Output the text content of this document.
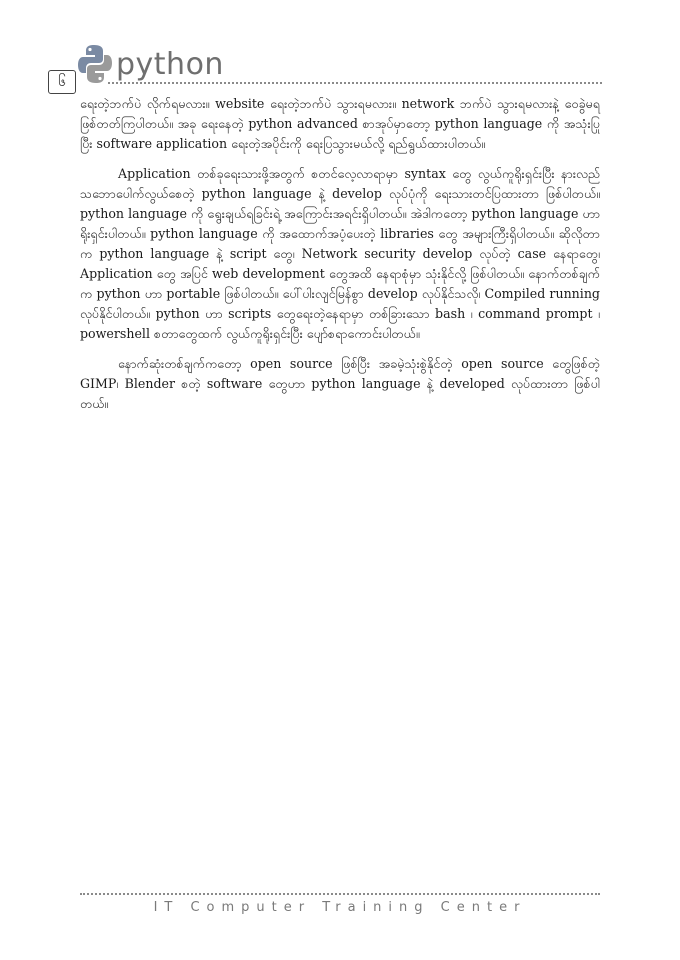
၆	python

ရေးတဲ့ဘက်ပဲ လိုက်ရမလား။ website ရေးတဲ့ဘက်ပဲ သွားရမလား။ network ဘက်ပဲ သွားရမလားနဲ့ ဝေခွဲမရ ဖြစ်တတ်ကြပါတယ်။ အခု ရေးနေတဲ့ python advanced စာအုပ်မှာတော့ python language ကို အသုံးပြုပြီး software application ရေးတဲ့အပိုင်းကို ရေးပြသွားမယ်လို့ ရည်ရွယ်ထားပါတယ်။

Application တစ်ခုရေးသားဖို့အတွက် စတင်လေ့လာရာမှာ syntax တွေ လွယ်ကူရိုးရှင်းပြီး နားလည် သဘောပေါက်လွယ်စေတဲ့ python language နဲ့ develop လုပ်ပုံကို ရေးသားတင်ပြထားတာ ဖြစ်ပါတယ်။ python language ကို ရွေးချယ်ရခြင်းရဲ့ အကြောင်းအရင်းရှိပါတယ်။ အဲဒါကတော့ python language ဟာ ရိုးရှင်းပါတယ်။ python language ကို အထောက်အပံ့ပေးတဲ့ libraries တွေ အများကြီးရှိပါတယ်။ ဆိုလိုတာက python language နဲ့ script တွေ၊ Network security develop လုပ်တဲ့ case နေရာတွေ၊ Application တွေ အပြင် web development တွေအထိ နေရာစုံမှာ သုံးနိုင်လို့ ဖြစ်ပါတယ်။ နောက်တစ်ချက်က python ဟာ portable ဖြစ်ပါတယ်။ ပေါ်ပါးလျင်မြန်စွာ develop လုပ်နိုင်သလို၊ Compiled running လုပ်နိုင်ပါတယ်။ python ဟာ scripts တွေရေးတဲ့နေရာမှာ တစ်ခြားသော bash ၊ command prompt ၊ powershell စတာတွေထက် လွယ်ကူရိုးရှင်းပြီး ပျော်စရာကောင်းပါတယ်။

နောက်ဆုံးတစ်ချက်ကတော့ open source ဖြစ်ပြီး အခမဲ့သုံးစွဲနိုင်တဲ့ open source တွေဖြစ်တဲ့ GIMP၊ Blender စတဲ့ software တွေဟာ python language နဲ့ developed လုပ်ထားတာ ဖြစ်ပါတယ်။

IT Computer Training Center
